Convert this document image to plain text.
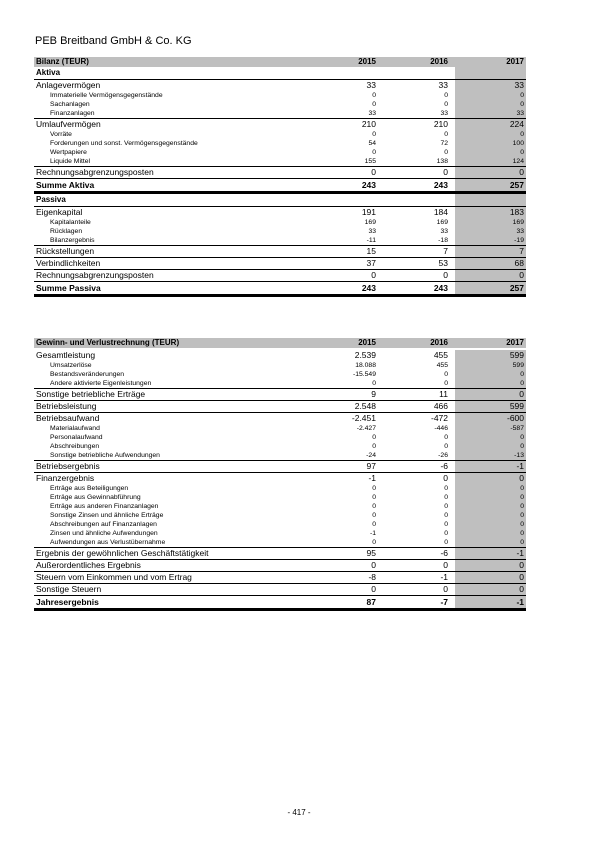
PEB Breitband GmbH & Co. KG
Bilanz (TEUR)	2015	2016	2017
Aktiva
Anlagevermögen	33	33	33
Immaterielle Vermögensgegenstände	0	0	0
Sachanlagen	0	0	0
Finanzanlagen	33	33	33
Umlaufvermögen	210	210	224
Vorräte	0	0	0
Forderungen und sonst. Vermögensgegenstände	54	72	100
Wertpapiere	0	0	0
Liquide Mittel	155	138	124
Rechnungsabgrenzungsposten	0	0	0
Summe Aktiva	243	243	257
Passiva
Eigenkapital	191	184	183
Kapitalanteile	169	169	169
Rücklagen	33	33	33
Bilanzergebnis	-11	-18	-19
Rückstellungen	15	7	7
Verbindlichkeiten	37	53	68
Rechnungsabgrenzungsposten	0	0	0
Summe Passiva	243	243	257
Gewinn- und Verlustrechnung (TEUR)	2015	2016	2017
Gesamtleistung	2.539	455	599
Umsatzerlöse	18.088	455	599
Bestandsveränderungen	-15.549	0	0
Andere aktivierte Eigenleistungen	0	0	0
Sonstige betriebliche Erträge	9	11	0
Betriebsleistung	2.548	466	599
Betriebsaufwand	-2.451	-472	-600
Materialaufwand	-2.427	-446	-587
Personalaufwand	0	0	0
Abschreibungen	0	0	0
Sonstige betriebliche Aufwendungen	-24	-26	-13
Betriebsergebnis	97	-6	-1
Finanzergebnis	-1	0	0
Erträge aus Beteiligungen	0	0	0
Erträge aus Gewinnabführung	0	0	0
Erträge aus anderen Finanzanlagen	0	0	0
Sonstige Zinsen und ähnliche Erträge	0	0	0
Abschreibungen auf Finanzanlagen	0	0	0
Zinsen und ähnliche Aufwendungen	-1	0	0
Aufwendungen aus Verlustübernahme	0	0	0
Ergebnis der gewöhnlichen Geschäftstätigkeit	95	-6	-1
Außerordentliches Ergebnis	0	0	0
Steuern vom Einkommen und vom Ertrag	-8	-1	0
Sonstige Steuern	0	0	0
Jahresergebnis	87	-7	-1
- 417 -
